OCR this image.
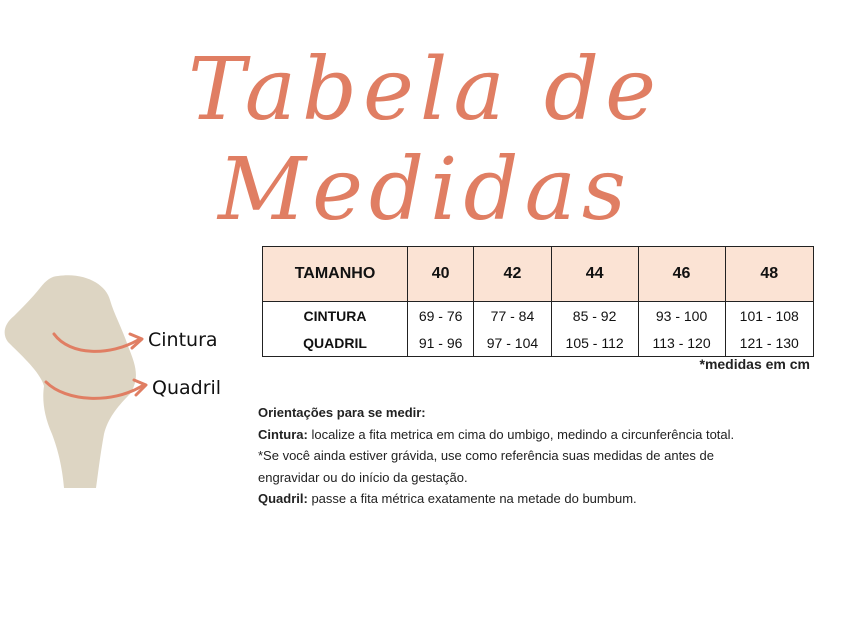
Tabela de Medidas
Cintura
Quadril
TAMANHO	40	42	44	46	48
CINTURA	69 - 76	77 - 84	85 - 92	93 - 100	101 - 108
QUADRIL	91 - 96	97 - 104	105 - 112	113 - 120	121 - 130
*medidas em cm

Orientações para se medir:

Cintura: localize a fita metrica em cima do umbigo, medindo a circunferência total.

*Se você ainda estiver grávida, use como referência suas medidas de antes de

engravidar ou do início da gestação.

Quadril: passe a fita métrica exatamente na metade do bumbum.
